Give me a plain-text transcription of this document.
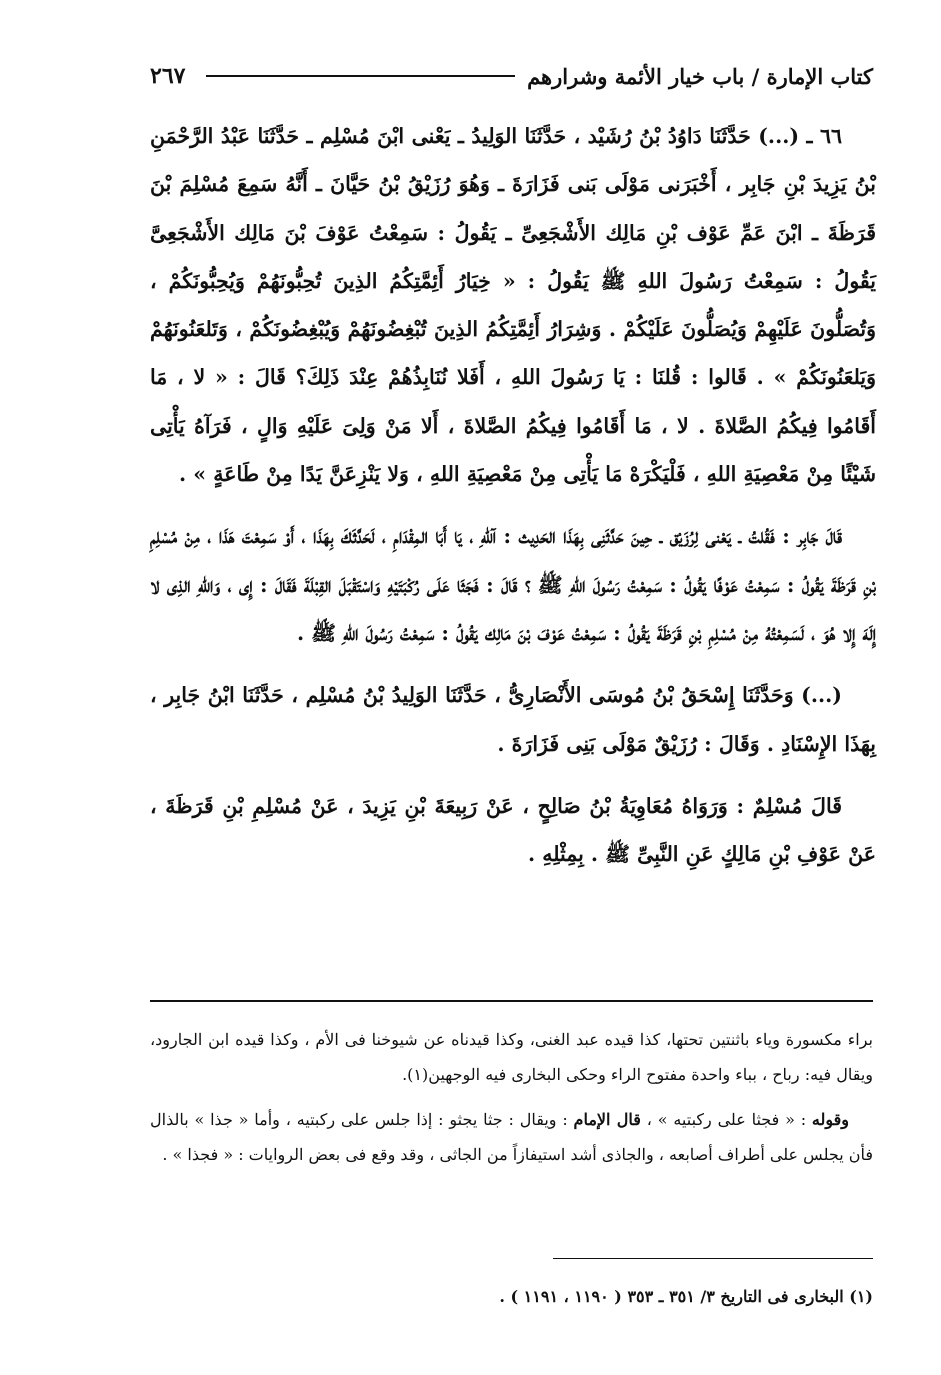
٢٦٧	كتاب الإمارة / باب خيار الأئمة وشرارهم

٦٦ ـ (...) حَدَّثَنَا دَاوُدُ بْنُ رُشَيْد ، حَدَّثَنَا الوَلِيدُ ـ يَعْنى ابْنَ مُسْلِم ـ حَدَّثَنَا عَبْدُ الرَّحْمَنِ بْنُ يَزِيدَ بْنِ جَابِر ، أَخْبَرَنى مَوْلَى بَنى فَزَارَةَ ـ وَهُوَ رُزَيْقُ بْنُ حَيَّانَ ـ أَنَّهُ سَمِعَ مُسْلِمَ بْنَ قَرَظَةَ ـ ابْنَ عَمِّ عَوْف بْنِ مَالِك الأَشْجَعِىِّ ـ يَقُولُ : سَمِعْتُ عَوْفَ بْنَ مَالِك الأَشْجَعِىَّ يَقُولُ : سَمِعْتُ رَسُولَ اللهِ ﷺ يَقُولُ : « خِيَارُ أَئِمَّتِكُمُ الذِينَ تُحِبُّونَهُمْ وَيُحِبُّونَكُمْ ، وَتُصَلُّونَ عَلَيْهِمْ وَيُصَلُّونَ عَلَيْكُمْ . وَشِرَارُ أَئِمَّتِكُمُ الذِينَ تُبْغِضُونَهُمْ وَيُبْغِضُونَكُمْ ، وَتَلعَنُونَهُمْ وَيَلعَنُونَكُمْ » . قَالوا : قُلنَا : يَا رَسُولَ اللهِ ، أَفَلا نُنَابِذُهُمْ عِنْدَ ذَلِكَ؟ قَالَ : « لا ، مَا أَقَامُوا فِيكُمُ الصَّلاةَ . لا ، مَا أَقَامُوا فِيكُمُ الصَّلاةَ ، أَلا مَنْ وَلِىَ عَلَيْهِ وَالٍ ، فَرَآهُ يَأْتِى شَيْئًا مِنْ مَعْصِيَةِ اللهِ ، فَلْيَكْرَهْ مَا يَأْتِى مِنْ مَعْصِيَةِ اللهِ ، وَلا يَنْزِعَنَّ يَدًا مِنْ طَاعَةٍ » .

قَالَ جَابِر : فَقُلتُ ـ يَعْنى لِرُزَيْق ـ حِينَ حَدَّثَنِى بِهَذَا الحَدِيث : آللهِ ، يَا أَبَا المِقْدَامِ ، لَحَدَّثَكَ بِهَذَا ، أَوْ سَمِعْتَ هَذَا ، مِنْ مُسْلِمِ بْنِ قَرَظَةَ يَقُولُ : سَمِعْتُ عَوْفًا يَقُولُ : سَمِعْتُ رَسُولَ اللهِ ﷺ ؟ قَالَ : فَجَثَا عَلَى رُكْبَتَيْهِ وَاسْتَقْبَلَ القِبْلَةَ فَقَالَ : إِى ، وَاللهِ الذِى لا إِلَهَ إِلا هُوَ ، لَسَمِعْتُهُ مِنْ مُسْلِمِ بْنِ قَرَظَةَ يَقُولُ : سَمِعْتُ عَوْفَ بْنَ مَالِك يَقُولُ : سَمِعْتُ رَسُولَ اللهِ ﷺ .

(...) وَحَدَّثَنَا إِسْحَقُ بْنُ مُوسَى الأَنْصَارِىُّ ، حَدَّثَنَا الوَلِيدُ بْنُ مُسْلِم ، حَدَّثَنَا ابْنُ جَابِر ، بِهَذَا الإِسْنَادِ . وَقَالَ : رُزَيْقٌ مَوْلَى بَنِى فَزَارَةَ .

قَالَ مُسْلِمٌ : وَرَوَاهُ مُعَاوِيَةُ بْنُ صَالِحٍ ، عَنْ رَبِيعَةَ بْنِ يَزِيدَ ، عَنْ مُسْلِمِ بْنِ قَرَظَةَ ، عَنْ عَوْفِ بْنِ مَالِكٍ عَنِ النَّبِىِّ ﷺ . بِمِثْلِهِ .

براء مكسورة وياء باثنتين تحتها، كذا قيده عبد الغنى، وكذا قيدناه عن شيوخنا فى الأم ، وكذا قيده ابن الجارود، ويقال فيه: رباح ، بباء واحدة مفتوح الراء وحكى البخارى فيه الوجهين(١).

وقوله : « فجثا على ركبتيه » ، قال الإمام : ويقال : جثا يجثو : إذا جلس على ركبتيه ، وأما « جذا » بالذال فأن يجلس على أطراف أصابعه ، والجاذى أشد استيفازاً من الجاثى ، وقد وقع فى بعض الروايات : « فجذا » .

(١) البخارى فى التاريخ ٣/ ٣٥١ ـ ٣٥٣ ( ١١٩٠ ، ١١٩١ ) .
